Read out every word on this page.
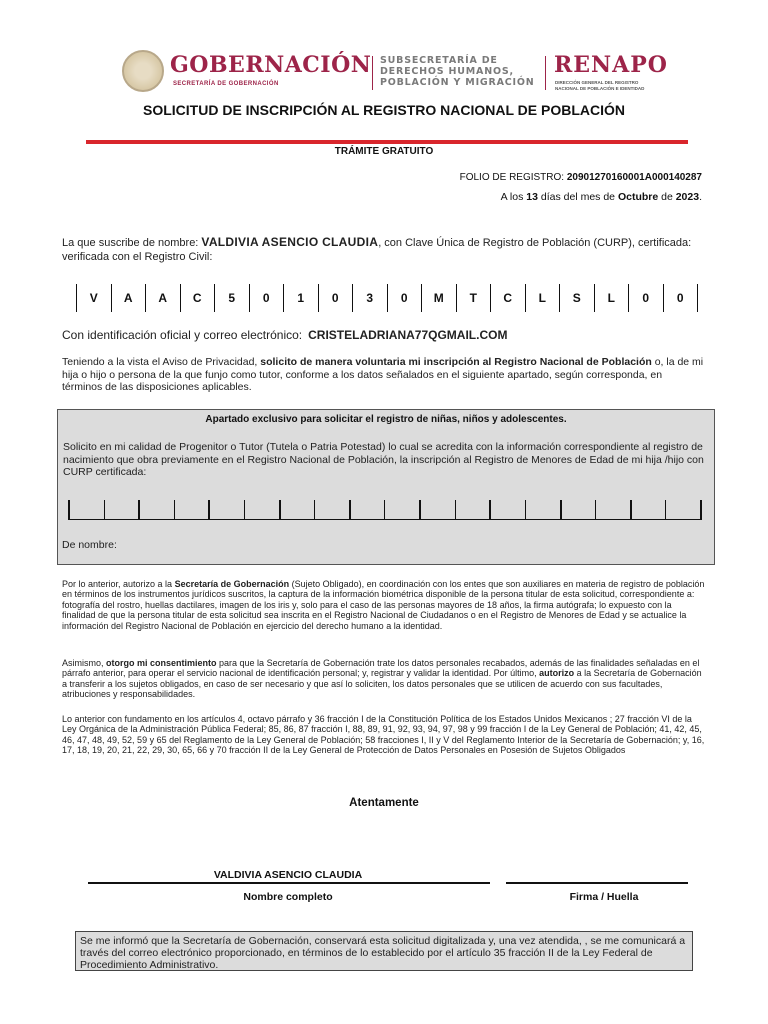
GOBERNACIÓN
SECRETARÍA DE GOBERNACIÓN
SUBSECRETARÍA DE
DERECHOS HUMANOS,
POBLACIÓN Y MIGRACIÓN
RENAPO
DIRECCIÓN GENERAL DEL REGISTRO
NACIONAL DE POBLACIÓN E IDENTIDAD
SOLICITUD DE INSCRIPCIÓN AL REGISTRO NACIONAL DE POBLACIÓN
TRÁMITE GRATUITO
FOLIO DE REGISTRO: 20901270160001A000140287
A los 13 días del mes de Octubre de 2023.
La que suscribe de nombre: VALDIVIA ASENCIO CLAUDIA, con Clave Única de Registro de Población (CURP), certificada: verificada con el Registro Civil:
V	A	A	C	5	0	1	0	3	0	M	T	C	L	S	L	0	0
Con identificación oficial y correo electrónico: CRISTELADRIANA77QGMAIL.COM
Teniendo a la vista el Aviso de Privacidad, solicito de manera voluntaria mi inscripción al Registro Nacional de Población o, la de mi hija o hijo o persona de la que funjo como tutor, conforme a los datos señalados en el siguiente apartado, según corresponda, en términos de las disposiciones aplicables.
Apartado exclusivo para solicitar el registro de niñas, niños y adolescentes.
Solicito en mi calidad de Progenitor o Tutor (Tutela o Patria Potestad) lo cual se acredita con la información correspondiente al registro de nacimiento que obra previamente en el Registro Nacional de Población, la inscripción al Registro de Menores de Edad de mi hija /hijo con CURP certificada:
De nombre:
Por lo anterior, autorizo a la Secretaría de Gobernación (Sujeto Obligado), en coordinación con los entes que son auxiliares en materia de registro de población en términos de los instrumentos jurídicos suscritos, la captura de la información biométrica disponible de la persona titular de esta solicitud, correspondiente a: fotografía del rostro, huellas dactilares, imagen de los iris y, solo para el caso de las personas mayores de 18 años, la firma autógrafa; lo expuesto con la finalidad de que la persona titular de esta solicitud sea inscrita en el Registro Nacional de Ciudadanos o en el Registro de Menores de Edad y se actualice la información del Registro Nacional de Población en ejercicio del derecho humano a la identidad.
Asimismo, otorgo mi consentimiento para que la Secretaría de Gobernación trate los datos personales recabados, además de las finalidades señaladas en el párrafo anterior, para operar el servicio nacional de identificación personal; y, registrar y validar la identidad. Por último, autorizo a la Secretaría de Gobernación a transferir a los sujetos obligados, en caso de ser necesario y que así lo soliciten, los datos personales que se utilicen de acuerdo con sus facultades, atribuciones y responsabilidades.
Lo anterior con fundamento en los artículos 4, octavo párrafo y 36 fracción I de la Constitución Política de los Estados Unidos Mexicanos ; 27 fracción VI de la Ley Orgánica de la Administración Pública Federal; 85, 86, 87 fracción I, 88, 89, 91, 92, 93, 94, 97, 98 y 99 fracción I de la Ley General de Población; 41, 42, 45, 46, 47, 48, 49, 52, 59 y 65 del Reglamento de la Ley General de Población; 58 fracciones I, II y V del Reglamento Interior de la Secretaría de Gobernación; y, 16, 17, 18, 19, 20, 21, 22, 29, 30, 65, 66 y 70 fracción II de la Ley General de Protección de Datos Personales en Posesión de Sujetos Obligados
Atentamente
VALDIVIA ASENCIO CLAUDIA
Nombre completo	Firma / Huella
Se me informó que la Secretaría de Gobernación, conservará esta solicitud digitalizada y, una vez atendida, , se me comunicará a través del correo electrónico proporcionado, en términos de lo establecido por el artículo 35 fracción II de la Ley Federal de Procedimiento Administrativo.
